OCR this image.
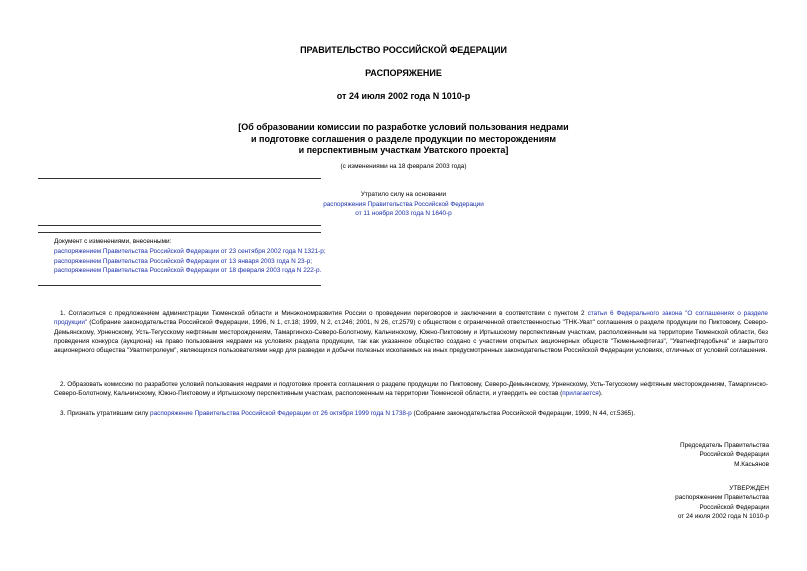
ПРАВИТЕЛЬСТВО РОССИЙСКОЙ ФЕДЕРАЦИИ
РАСПОРЯЖЕНИЕ
от 24 июля 2002 года N 1010-р
[Об образовании комиссии по разработке условий пользования недрами
и подготовке соглашения о разделе продукции по месторождениям
и перспективным участкам Уватского проекта]
(с изменениями на 18 февраля 2003 года)
Утратило силу на основании
распоряжения Правительства Российской Федерации
от 11 ноября 2003 года N 1640-р
Документ с изменениями, внесенными:
распоряжением Правительства Российской Федерации от 23 сентября 2002 года N 1321-р;
распоряжением Правительства Российской Федерации от 13 января 2003 года N 23-р;
распоряжением Правительства Российской Федерации от 18 февраля 2003 года N 222-р.
1. Согласиться с предложением администрации Тюменской области и Минэкономразвития России о проведении переговоров и заключении в соответствии с пунктом 2 статьи 6 Федерального закона "О соглашениях о разделе продукции" (Собрание законодательства Российской Федерации, 1996, N 1, ст.18; 1999, N 2, ст.246; 2001, N 26, ст.2579) с обществом с ограниченной ответственностью "ТНК-Уват" соглашения о разделе продукции по Пиктовому, Северо-Демьянскому, Урненскому, Усть-Тегусскому нефтяным месторождениям, Тамаргинско-Северо-Болотному, Кальчинскому, Южно-Пиктовому и Иртышскому перспективным участкам, расположенным на территории Тюменской области, без проведения конкурса (аукциона) на право пользования недрами на условиях раздела продукции, так как указанное общество создано с участием открытых акционерных обществ "Тюменьнефтегаз", "Уватнефтедобыча" и закрытого акционерного общества "Уватпетролеум", являющихся пользователями недр для разведки и добычи полезных ископаемых на иных предусмотренных законодательством Российской Федерации условиях, отличных от условий соглашения.
2. Образовать комиссию по разработке условий пользования недрами и подготовке проекта соглашения о разделе продукции по Пиктовому, Северо-Демьянскому, Урненскому, Усть-Тегусскому нефтяным месторождениям, Тамаргинско-Северо-Болотному, Кальчинскому, Южно-Пиктовому и Иртышскому перспективным участкам, расположенным на территории Тюменской области, и утвердить ее состав (прилагается).
3. Признать утратившим силу распоряжение Правительства Российской Федерации от 26 октября 1999 года N 1738-р (Собрание законодательства Российской Федерации, 1999, N 44, ст.5365).
Председатель Правительства
Российской Федерации
М.Касьянов
УТВЕРЖДЕН
распоряжением Правительства
Российской Федерации
от 24 июля 2002 года N 1010-р
